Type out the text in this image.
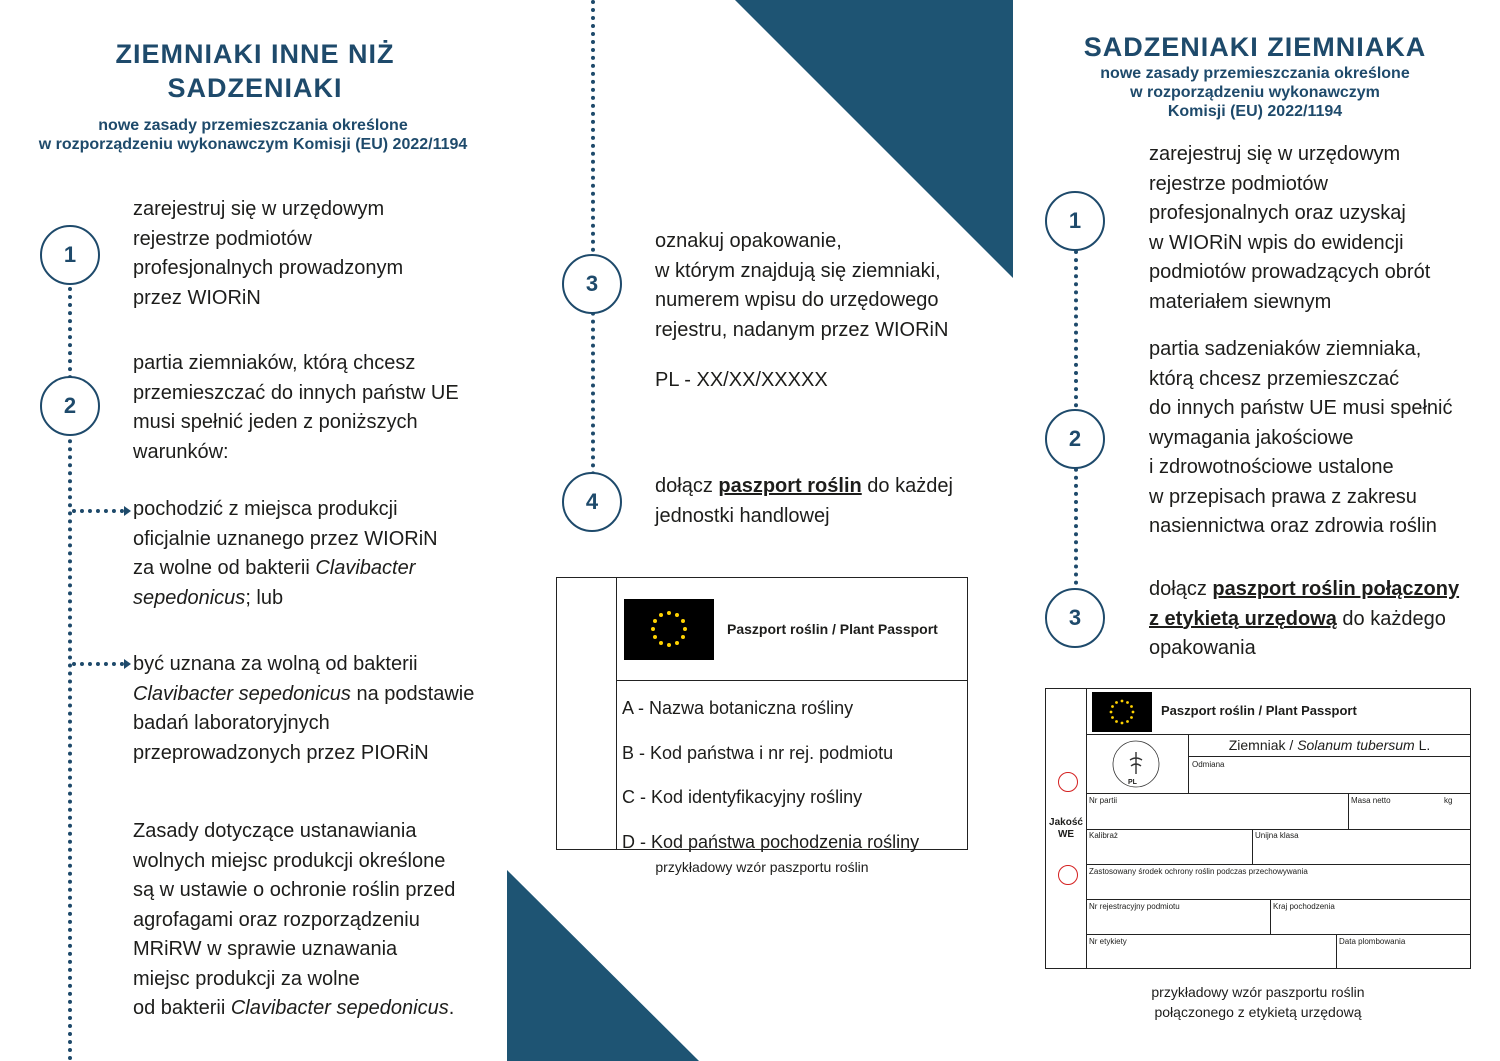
ZIEMNIAKI INNE NIŻ
SADZENIAKI
nowe zasady przemieszczania określone
w rozporządzeniu wykonawczym Komisji (EU) 2022/1194
1
2
zarejestruj się w urzędowym
rejestrze podmiotów
profesjonalnych prowadzonym
przez WIORiN
partia ziemniaków, którą chcesz
przemieszczać do innych państw UE
musi spełnić jeden z poniższych
warunków:
pochodzić z miejsca produkcji
oficjalnie uznanego przez WIORiN
za wolne od bakterii Clavibacter
sepedonicus; lub
być uznana za wolną od bakterii
Clavibacter sepedonicus na podstawie
badań laboratoryjnych
przeprowadzonych przez PIORiN
Zasady dotyczące ustanawiania
wolnych miejsc produkcji określone
są w ustawie o ochronie roślin przed
agrofagami oraz rozporządzeniu
MRiRW w sprawie uznawania
miejsc produkcji za wolne
od bakterii Clavibacter sepedonicus.
3
4
oznakuj opakowanie,
w którym znajdują się ziemniaki,
numerem wpisu do urzędowego
rejestru, nadanym przez WIORiN
PL - XX/XX/XXXXX
dołącz paszport roślin do każdej
jednostki handlowej
Paszport roślin / Plant Passport
A - Nazwa botaniczna rośliny
B - Kod państwa i nr rej. podmiotu
C - Kod identyfikacyjny rośliny
D - Kod państwa pochodzenia rośliny
przykładowy wzór paszportu roślin
SADZENIAKI ZIEMNIAKA
nowe zasady przemieszczania określone
w rozporządzeniu wykonawczym
Komisji (EU) 2022/1194
1
2
3
zarejestruj się w urzędowym
rejestrze podmiotów
profesjonalnych oraz uzyskaj
w WIORiN wpis do ewidencji
podmiotów prowadzących obrót
materiałem siewnym
partia sadzeniaków ziemniaka,
którą chcesz przemieszczać
do innych państw UE musi spełnić
wymagania jakościowe
i zdrowotnościowe ustalone
w przepisach prawa z zakresu
nasiennictwa oraz zdrowia roślin
dołącz paszport roślin połączony
z etykietą urzędową do każdego
opakowania
Jakość
WE
Paszport roślin / Plant Passport
PL
Ziemniak / Solanum tubersum L.
Odmiana
Nr partii	Masa netto	kg
Kalibraż	Unijna klasa
Zastosowany środek ochrony roślin podczas przechowywania
Nr rejestracyjny podmiotu	Kraj pochodzenia
Nr etykiety	Data plombowania
przykładowy wzór paszportu roślin
połączonego z etykietą urzędową
